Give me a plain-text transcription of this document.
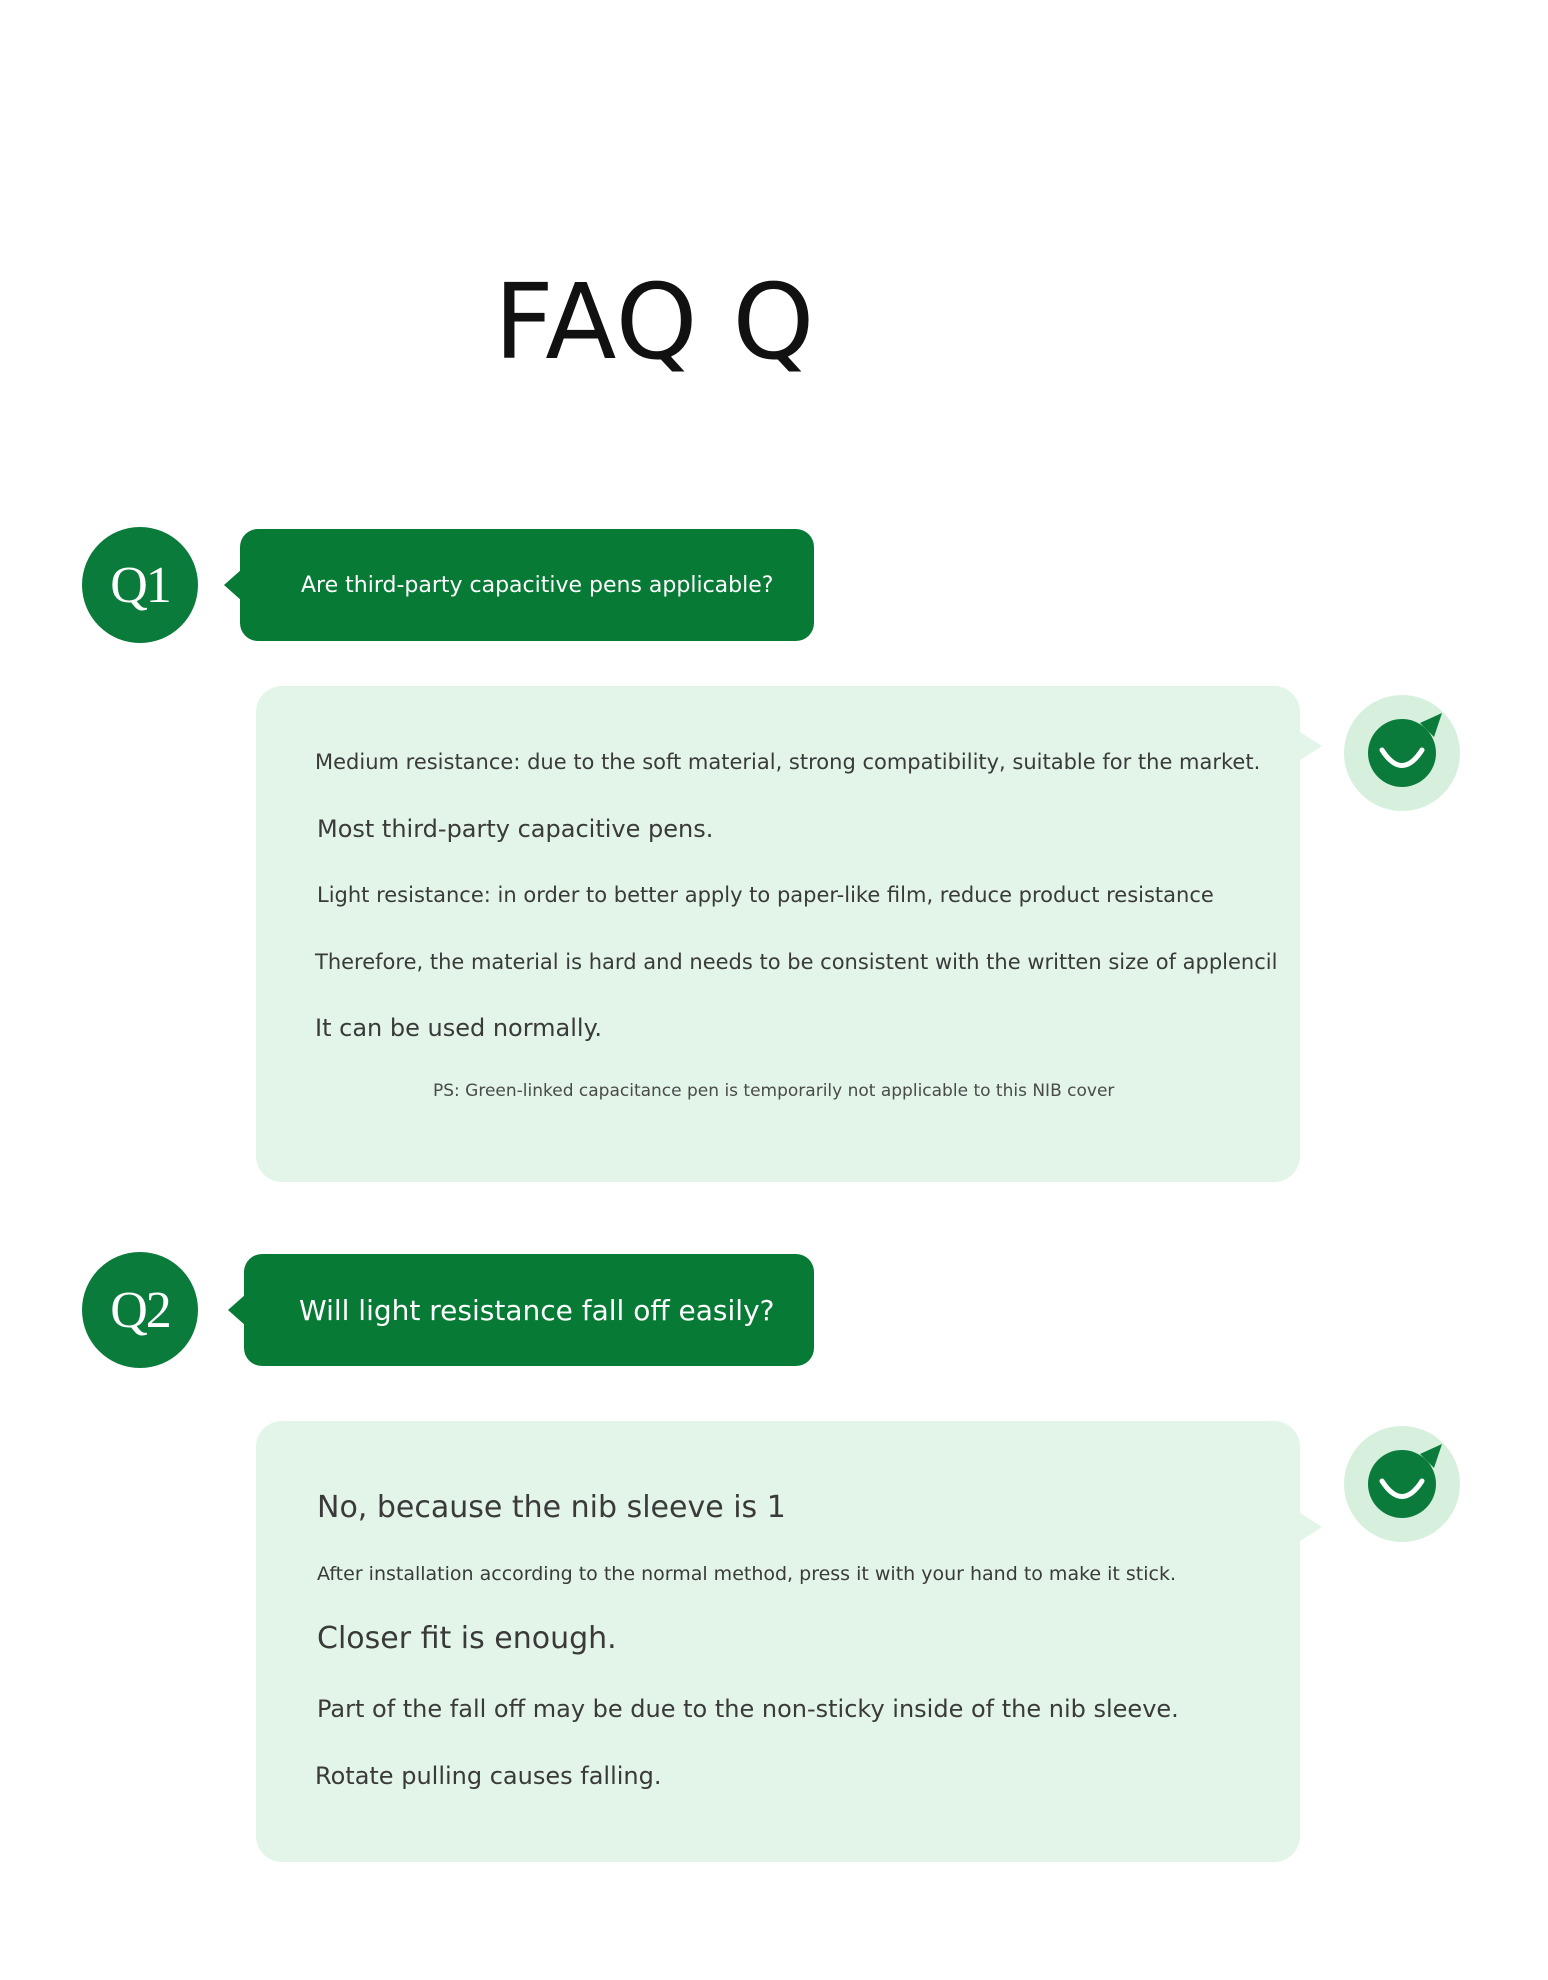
FAQ Q
Q1	Are third-party capacitive pens applicable?
Medium resistance: due to the soft material, strong compatibility, suitable for the market.
Most third-party capacitive pens.
Light resistance: in order to better apply to paper-like film, reduce product resistance
Therefore, the material is hard and needs to be consistent with the written size of applencil
It can be used normally.
PS: Green-linked capacitance pen is temporarily not applicable to this NIB cover
Q2	Will light resistance fall off easily?
No, because the nib sleeve is 1
After installation according to the normal method, press it with your hand to make it stick.
Closer fit is enough.
Part of the fall off may be due to the non-sticky inside of the nib sleeve.
Rotate pulling causes falling.
